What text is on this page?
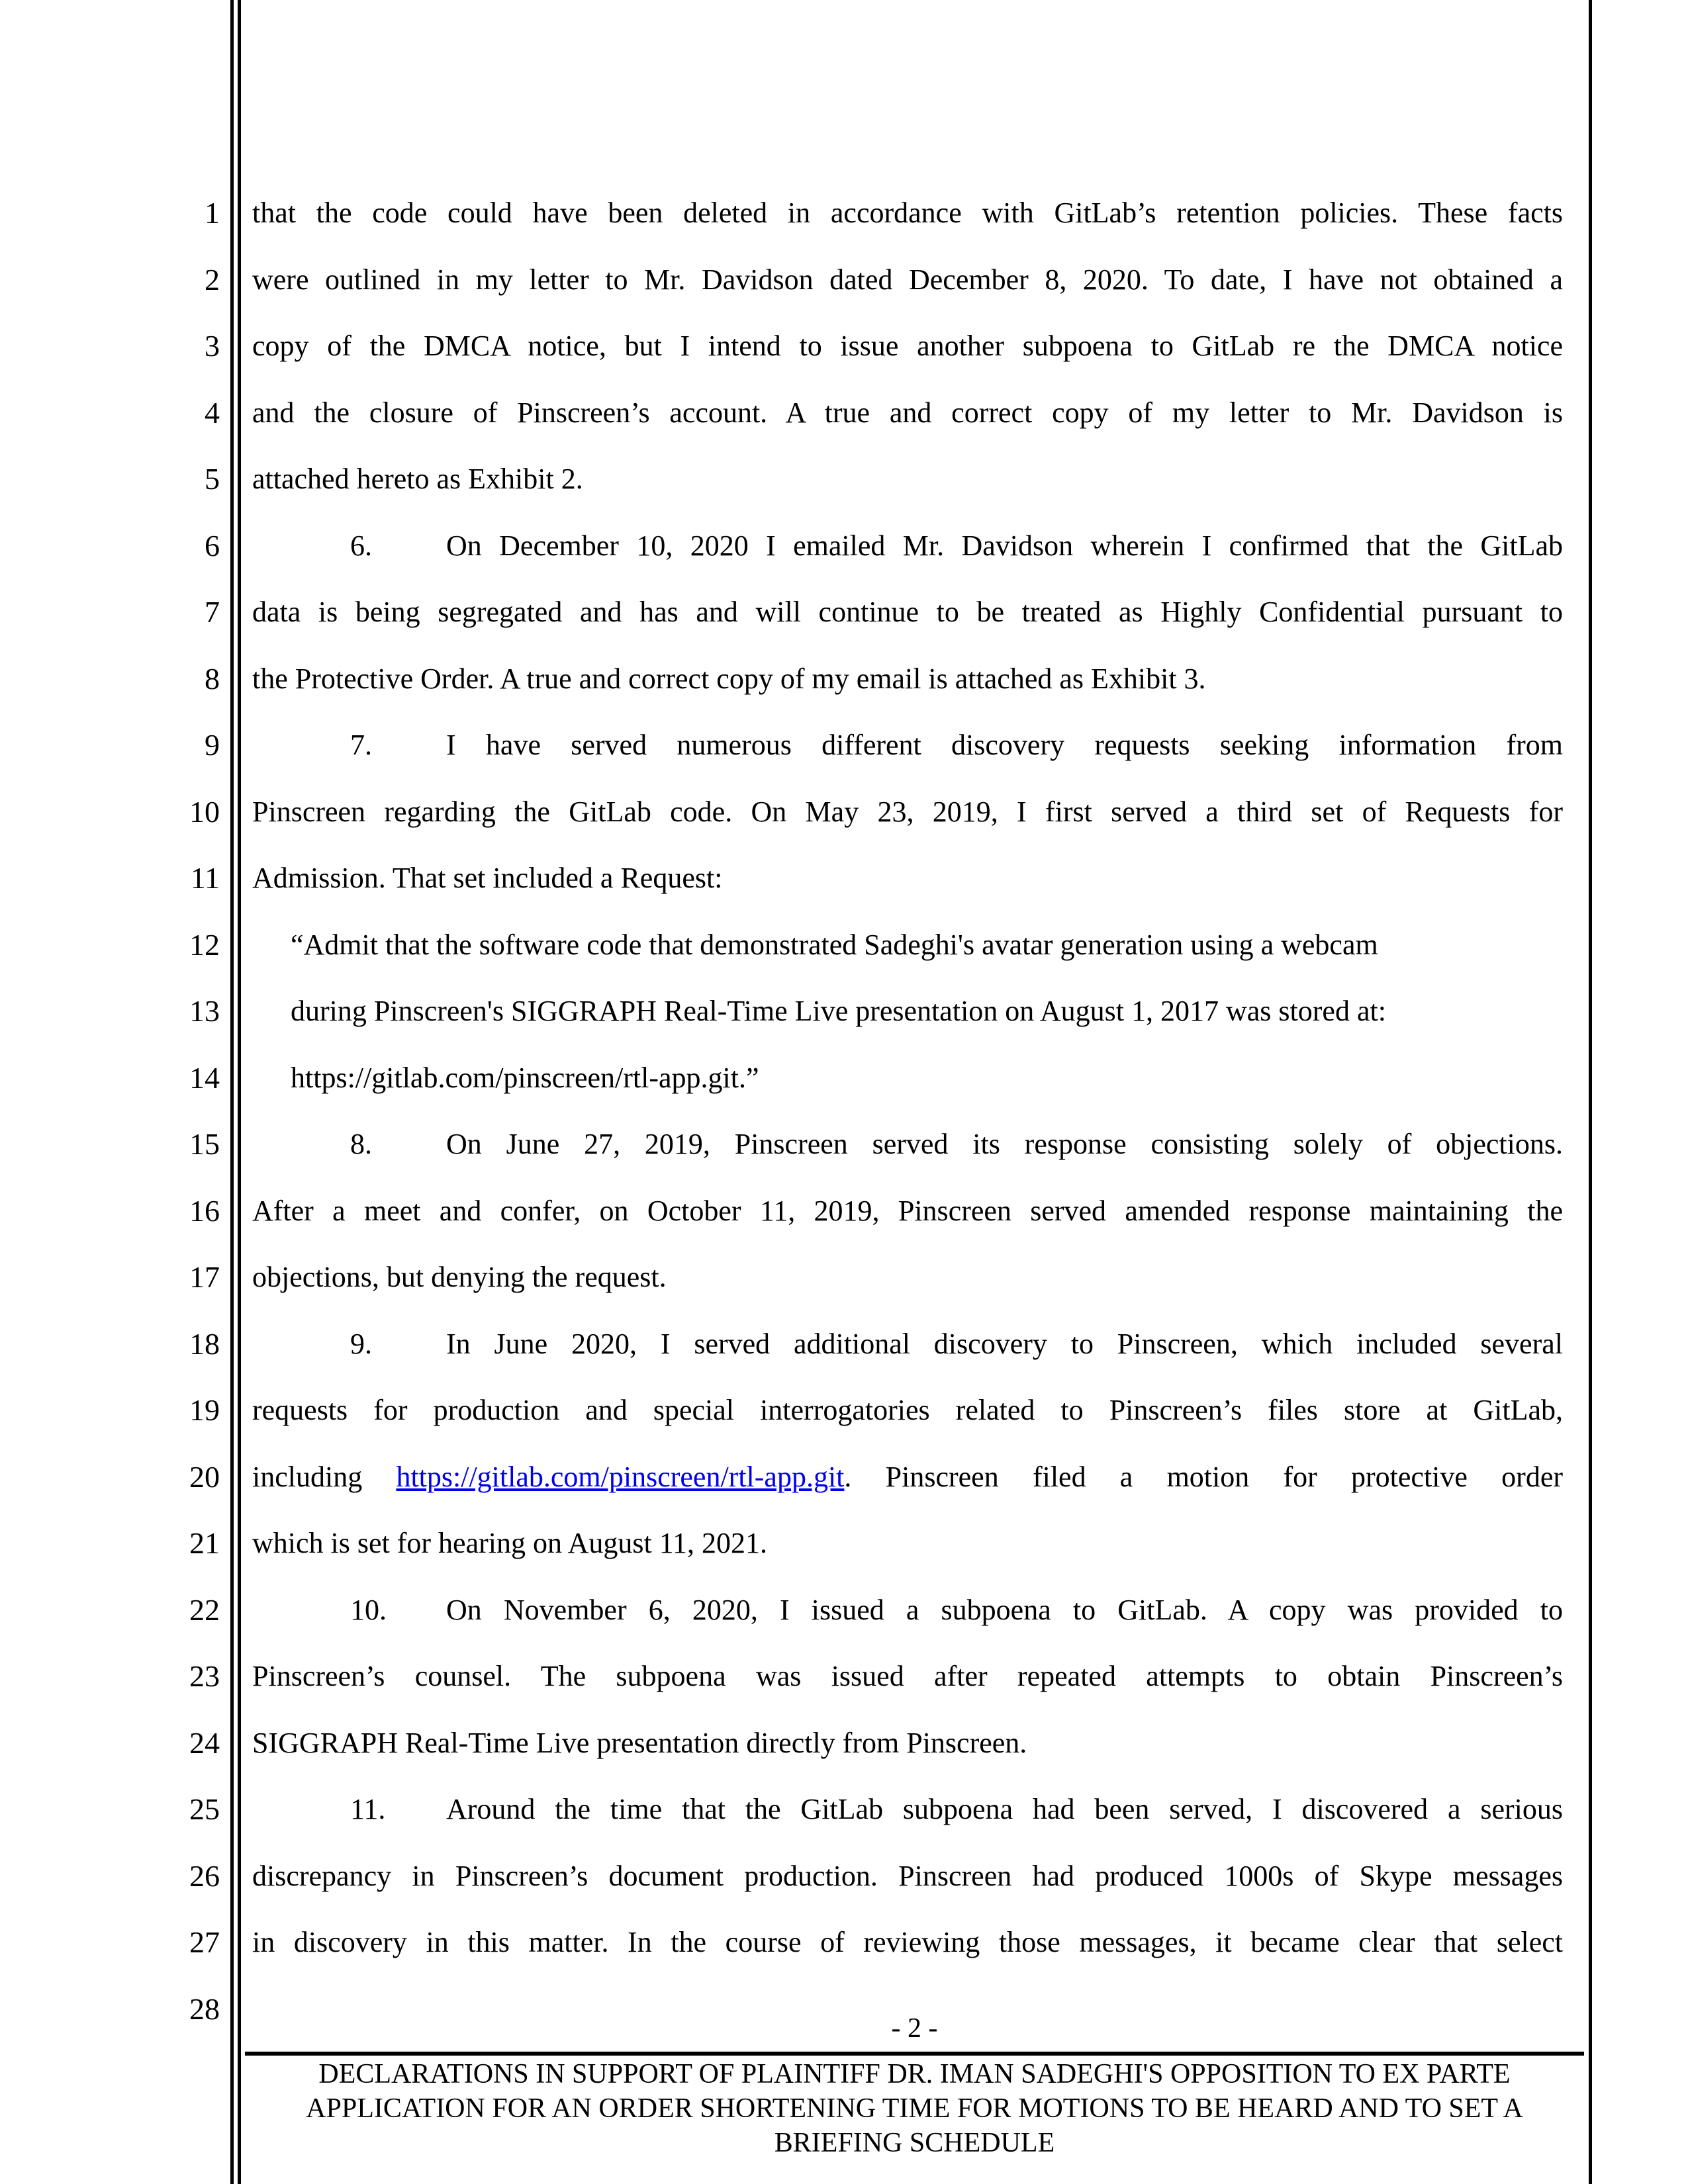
1 that the code could have been deleted in accordance with GitLab’s retention policies. These facts
2 were outlined in my letter to Mr. Davidson dated December 8, 2020. To date, I have not obtained a
3 copy of the DMCA notice, but I intend to issue another subpoena to GitLab re the DMCA notice
4 and the closure of Pinscreen’s account. A true and correct copy of my letter to Mr. Davidson is
5 attached hereto as Exhibit 2.
6	6.	On December 10, 2020 I emailed Mr. Davidson wherein I confirmed that the GitLab
7 data is being segregated and has and will continue to be treated as Highly Confidential pursuant to
8 the Protective Order. A true and correct copy of my email is attached as Exhibit 3.
9	7.	I have served numerous different discovery requests seeking information from
10 Pinscreen regarding the GitLab code. On May 23, 2019, I first served a third set of Requests for
11 Admission. That set included a Request:
12	“Admit that the software code that demonstrated Sadeghi's avatar generation using a webcam
13	during Pinscreen's SIGGRAPH Real-Time Live presentation on August 1, 2017 was stored at:
14	https://gitlab.com/pinscreen/rtl-app.git.”
15	8.	On June 27, 2019, Pinscreen served its response consisting solely of objections.
16 After a meet and confer, on October 11, 2019, Pinscreen served amended response maintaining the
17 objections, but denying the request.
18	9.	In June 2020, I served additional discovery to Pinscreen, which included several
19 requests for production and special interrogatories related to Pinscreen’s files store at GitLab,
20 including https://gitlab.com/pinscreen/rtl-app.git. Pinscreen filed a motion for protective order
21 which is set for hearing on August 11, 2021.
22	10. On November 6, 2020, I issued a subpoena to GitLab. A copy was provided to
23 Pinscreen’s counsel. The subpoena was issued after repeated attempts to obtain Pinscreen’s
24 SIGGRAPH Real-Time Live presentation directly from Pinscreen.
25	11. Around the time that the GitLab subpoena had been served, I discovered a serious
26 discrepancy in Pinscreen’s document production. Pinscreen had produced 1000s of Skype messages
27 in discovery in this matter. In the course of reviewing those messages, it became clear that select
28
- 2 -
DECLARATIONS IN SUPPORT OF PLAINTIFF DR. IMAN SADEGHI'S OPPOSITION TO EX PARTE
APPLICATION FOR AN ORDER SHORTENING TIME FOR MOTIONS TO BE HEARD AND TO SET A
BRIEFING SCHEDULE
